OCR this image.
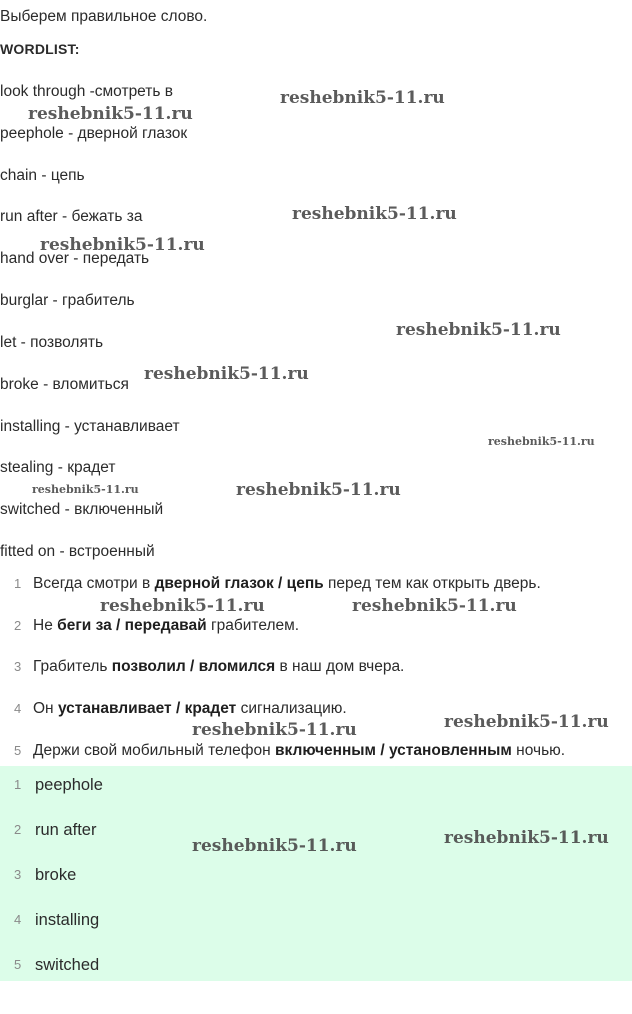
Выберем правильное слово.
WORDLIST:
look through -смотреть в
peephole - дверной глазок
chain - цепь
run after - бежать за
hand over - передать
burglar - грабитель
let - позволять
broke - вломиться
installing - устанавливает
stealing - крадет
switched - включенный
fitted on - встроенный
1 Всегда смотри в дверной глазок / цепь перед тем как открыть дверь.
2 Не беги за / передавай грабителем.
3 Грабитель позволил / вломился в наш дом вчера.
4 Он устанавливает / крадет сигнализацию.
5 Держи свой мобильный телефон включенным / установленным ночью.
1 peephole
2 run after
3 broke
4 installing
5 switched
reshebnik5-11.ru
reshebnik5-11.ru
reshebnik5-11.ru
reshebnik5-11.ru
reshebnik5-11.ru
reshebnik5-11.ru
reshebnik5-11.ru
reshebnik5-11.ru	reshebnik5-11.ru
reshebnik5-11.ru	reshebnik5-11.ru
reshebnik5-11.ru
reshebnik5-11.ru
reshebnik5-11.ru
reshebnik5-11.ru
